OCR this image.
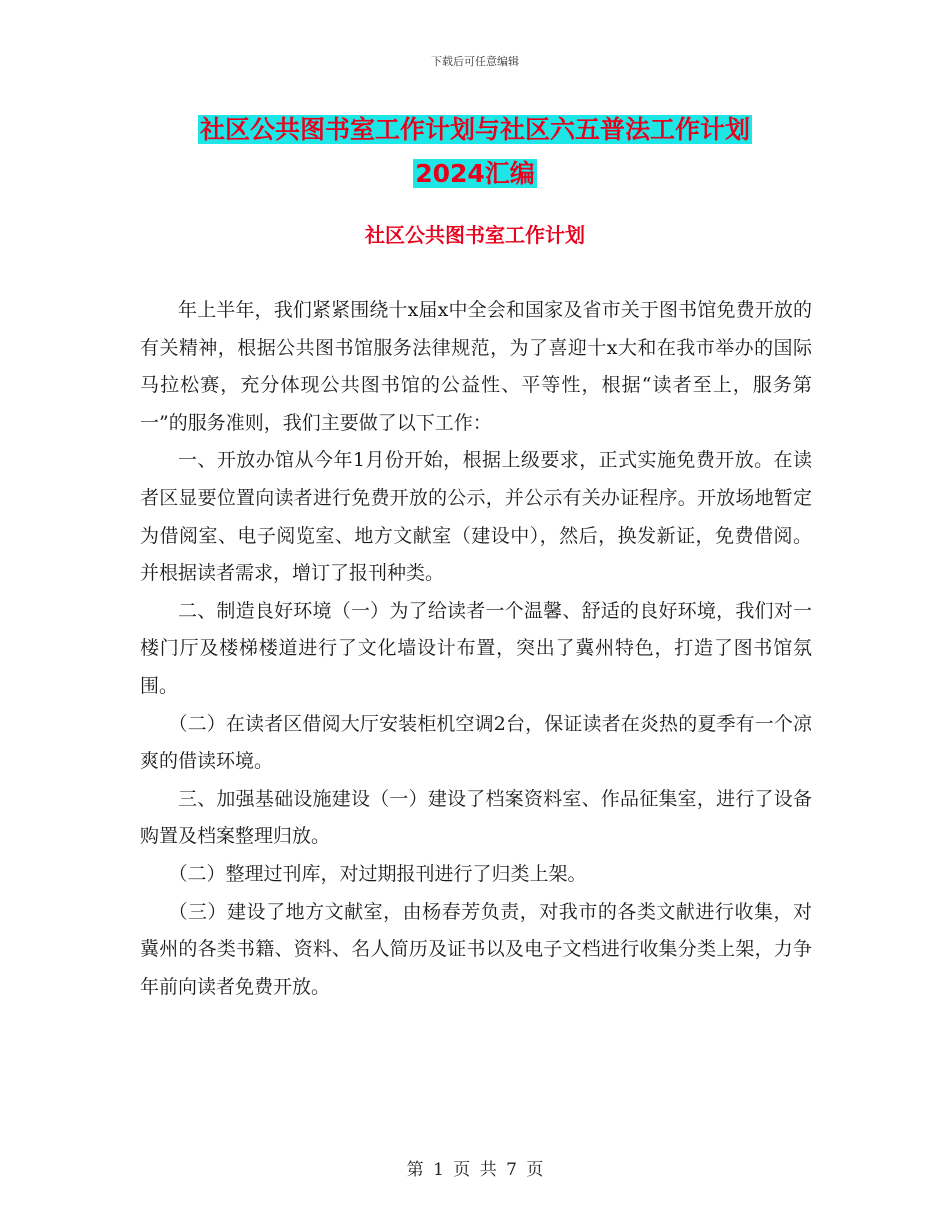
下载后可任意编辑
社区公共图书室工作计划与社区六五普法工作计划
2024汇编
社区公共图书室工作计划

年上半年，我们紧紧围绕十x届x中全会和国家及省市关于图书馆免费开放的有关精神，根据公共图书馆服务法律规范，为了喜迎十x大和在我市举办的国际马拉松赛，充分体现公共图书馆的公益性、平等性，根据“读者至上，服务第一”的服务准则，我们主要做了以下工作：

一、开放办馆从今年1月份开始，根据上级要求，正式实施免费开放。在读者区显要位置向读者进行免费开放的公示，并公示有关办证程序。开放场地暂定为借阅室、电子阅览室、地方文献室（建设中），然后，换发新证，免费借阅。并根据读者需求，增订了报刊种类。

二、制造良好环境（一）为了给读者一个温馨、舒适的良好环境，我们对一楼门厅及楼梯楼道进行了文化墙设计布置，突出了冀州特色，打造了图书馆氛围。

（二）在读者区借阅大厅安装柜机空调2台，保证读者在炎热的夏季有一个凉爽的借读环境。

三、加强基础设施建设（一）建设了档案资料室、作品征集室，进行了设备购置及档案整理归放。

（二）整理过刊库，对过期报刊进行了归类上架。

（三）建设了地方文献室，由杨春芳负责，对我市的各类文献进行收集，对冀州的各类书籍、资料、名人简历及证书以及电子文档进行收集分类上架，力争年前向读者免费开放。

第 1 页 共 7 页
